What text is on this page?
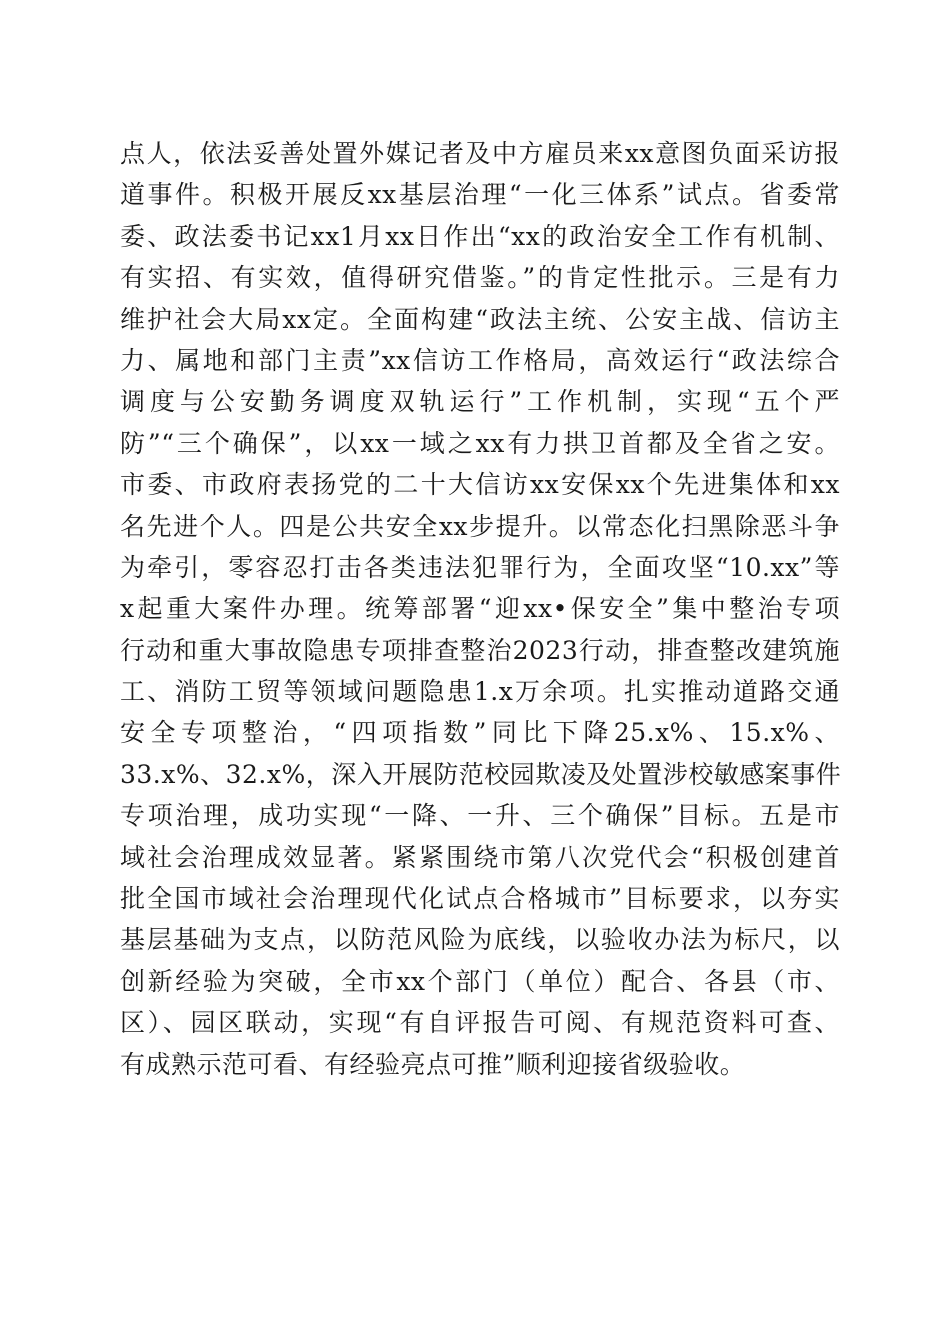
点人，依法妥善处置外媒记者及中方雇员来xx意图负面采访报
道事件。积极开展反xx基层治理“一化三体系”试点。省委常
委、政法委书记xx1月xx日作出“xx的政治安全工作有机制、
有实招、有实效，值得研究借鉴。”的肯定性批示。三是有力
维护社会大局xx定。全面构建“政法主统、公安主战、信访主
力、属地和部门主责”xx信访工作格局，高效运行“政法综合
调度与公安勤务调度双轨运行”工作机制，实现“五个严
防”“三个确保”，以xx一域之xx有力拱卫首都及全省之安。
市委、市政府表扬党的二十大信访xx安保xx个先进集体和xx
名先进个人。四是公共安全xx步提升。以常态化扫黑除恶斗争
为牵引，零容忍打击各类违法犯罪行为，全面攻坚“10.xx”等
x起重大案件办理。统筹部署“迎xx•保安全”集中整治专项
行动和重大事故隐患专项排查整治2023行动，排查整改建筑施
工、消防工贸等领域问题隐患1.x万余项。扎实推动道路交通
安全专项整治，“四项指数”同比下降25.x%、15.x%、
33.x%、32.x%，深入开展防范校园欺凌及处置涉校敏感案事件
专项治理，成功实现“一降、一升、三个确保”目标。五是市
域社会治理成效显著。紧紧围绕市第八次党代会“积极创建首
批全国市域社会治理现代化试点合格城市”目标要求，以夯实
基层基础为支点，以防范风险为底线，以验收办法为标尺，以
创新经验为突破，全市xx个部门（单位）配合、各县（市、
区）、园区联动，实现“有自评报告可阅、有规范资料可查、
有成熟示范可看、有经验亮点可推”顺利迎接省级验收。
